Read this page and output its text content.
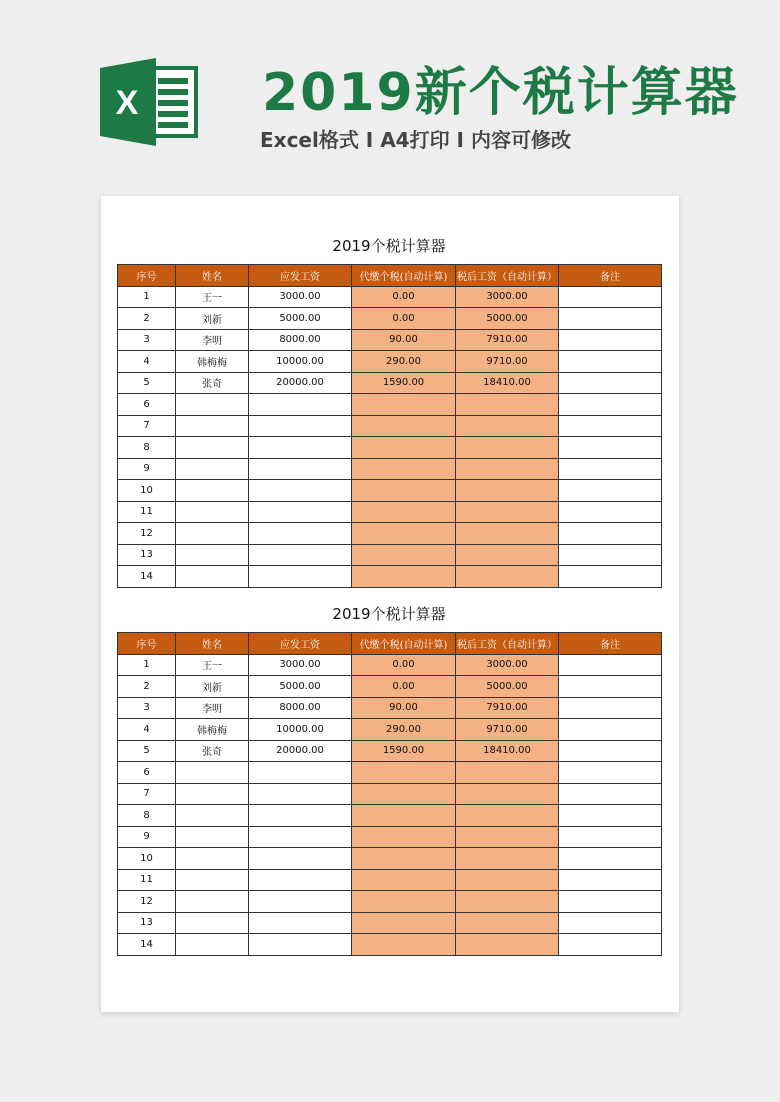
X 2019新个税计算器
Excel格式 I A4打印 I 内容可修改
2019个税计算器
序号	姓名	应发工资	代缴个税(自动计算)	税后工资（自动计算）	备注
1	王一	3000.00	0.00	3000.00	
2	刘新	5000.00	0.00	5000.00	
3	李明	8000.00	90.00	7910.00	
4	韩梅梅	10000.00	290.00	9710.00	
5	张奇	20000.00	1590.00	18410.00	
6					
7					
8					
9					
10					
11					
12					
13					
14					
2019个税计算器
序号	姓名	应发工资	代缴个税(自动计算)	税后工资（自动计算）	备注
1	王一	3000.00	0.00	3000.00	
2	刘新	5000.00	0.00	5000.00	
3	李明	8000.00	90.00	7910.00	
4	韩梅梅	10000.00	290.00	9710.00	
5	张奇	20000.00	1590.00	18410.00	
6					
7					
8					
9					
10					
11					
12					
13					
14					
